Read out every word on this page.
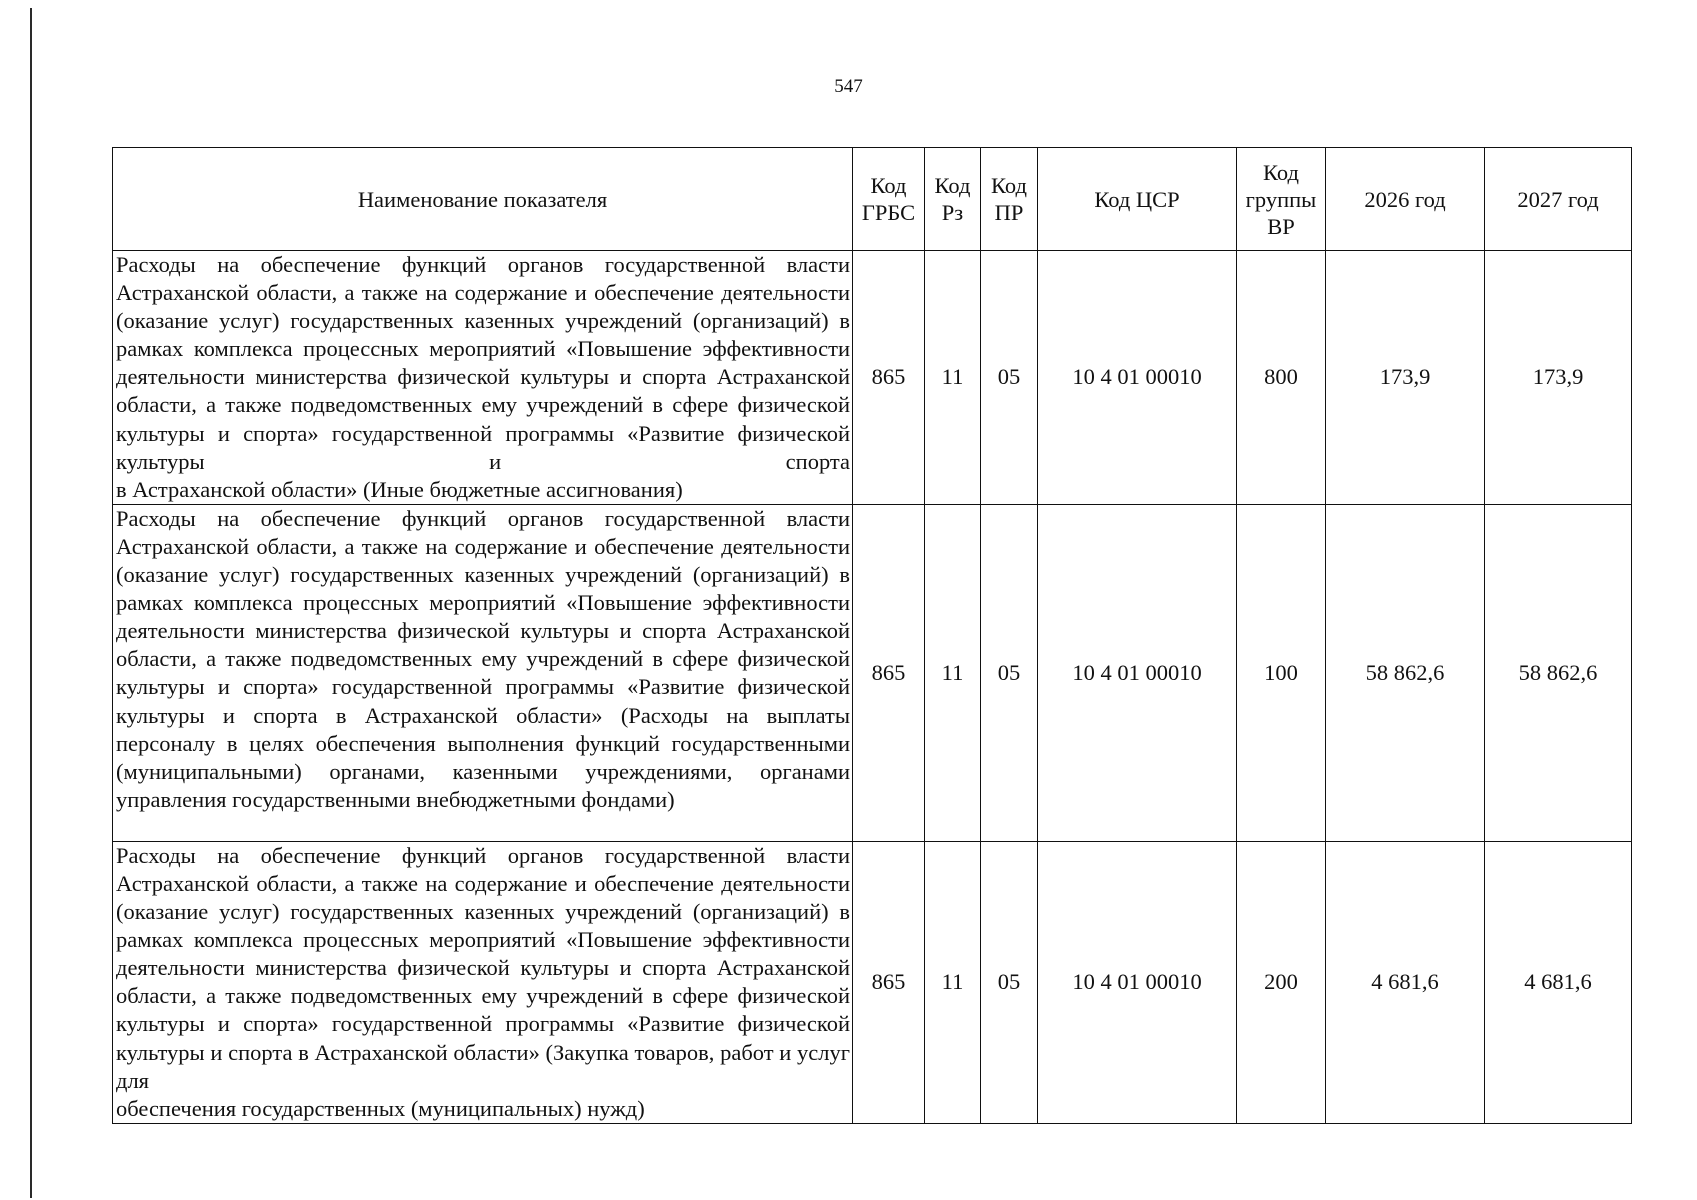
547
Наименование показателя	Код ГРБС	Код Рз	Код ПР	Код ЦСР	Код группы ВР	2026 год	2027 год
Расходы на обеспечение функций органов государственной власти Астраханской области, а также на содержание и обеспечение деятельности (оказание услуг) государственных казенных учреждений (организаций) в рамках комплекса процессных мероприятий «Повышение эффективности деятельности министерства физической культуры и спорта Астраханской области, а также подведомственных ему учреждений в сфере физической культуры и спорта» государственной программы «Развитие физической культуры и спорта
в Астраханской области» (Иные бюджетные ассигнования)	865	11	05	10 4 01 00010	800	173,9	173,9
Расходы на обеспечение функций органов государственной власти Астраханской области, а также на содержание и обеспечение деятельности (оказание услуг) государственных казенных учреждений (организаций) в рамках комплекса процессных мероприятий «Повышение эффективности деятельности министерства физической культуры и спорта Астраханской области, а также подведомственных ему учреждений в сфере физической культуры и спорта» государственной программы «Развитие физической культуры и спорта в Астраханской области» (Расходы на выплаты персоналу в целях обеспечения выполнения функций государственными (муниципальными) органами, казенными учреждениями, органами
управления государственными внебюджетными фондами)	865	11	05	10 4 01 00010	100	58 862,6	58 862,6
Расходы на обеспечение функций органов государственной власти Астраханской области, а также на содержание и обеспечение деятельности (оказание услуг) государственных казенных учреждений (организаций) в рамках комплекса процессных мероприятий «Повышение эффективности деятельности министерства физической культуры и спорта Астраханской области, а также подведомственных ему учреждений в сфере физической культуры и спорта» государственной программы «Развитие физической культуры и спорта в Астраханской области» (Закупка товаров, работ и услуг для
обеспечения государственных (муниципальных) нужд)	865	11	05	10 4 01 00010	200	4 681,6	4 681,6
